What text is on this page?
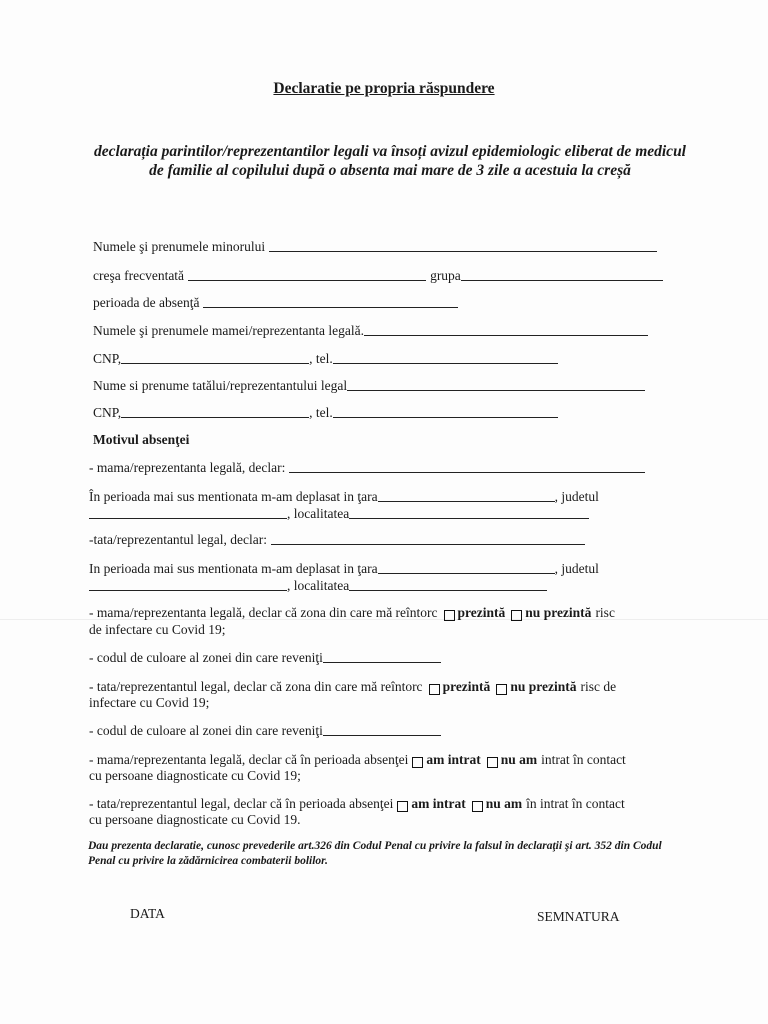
Declaratie pe propria răspundere
declarația parintilor/reprezentantilor legali va însoți avizul epidemiologic eliberat de medicul de familie al copilului după o absenta mai mare de 3 zile a acestuia la creșă
Numele şi prenumele minorului
creşa frecventată	grupa
perioada de absenţă
Numele şi prenumele mamei/reprezentanta legală.
CNP,	, tel.
Nume si prenume tatălui/reprezentantului legal
CNP,	, tel.
Motivul absenţei
- mama/reprezentanta legală, declar:
În perioada mai sus mentionata m-am deplasat in ţara	, judetul
, localitatea
-tata/reprezentantul legal, declar:
In perioada mai sus mentionata m-am deplasat in ţara	, judetul
, localitatea
- mama/reprezentanta legală, declar că zona din care mă reîntorc prezintă nu prezintă risc
de infectare cu Covid 19;
- codul de culoare al zonei din care reveniţi
- tata/reprezentantul legal, declar că zona din care mă reîntorc prezintă nu prezintă risc de
infectare cu Covid 19;
- codul de culoare al zonei din care reveniţi
- mama/reprezentanta legală, declar că în perioada absenţei am intrat nu am intrat în contact
cu persoane diagnosticate cu Covid 19;
- tata/reprezentantul legal, declar că în perioada absenţei am intrat nu am în intrat în contact
cu persoane diagnosticate cu Covid 19.
Dau prezenta declaratie, cunosc prevederile art.326 din Codul Penal cu privire la falsul în declaraţii şi art. 352 din Codul Penal cu privire la zădărnicirea combaterii bolilor.
DATA	SEMNATURA
